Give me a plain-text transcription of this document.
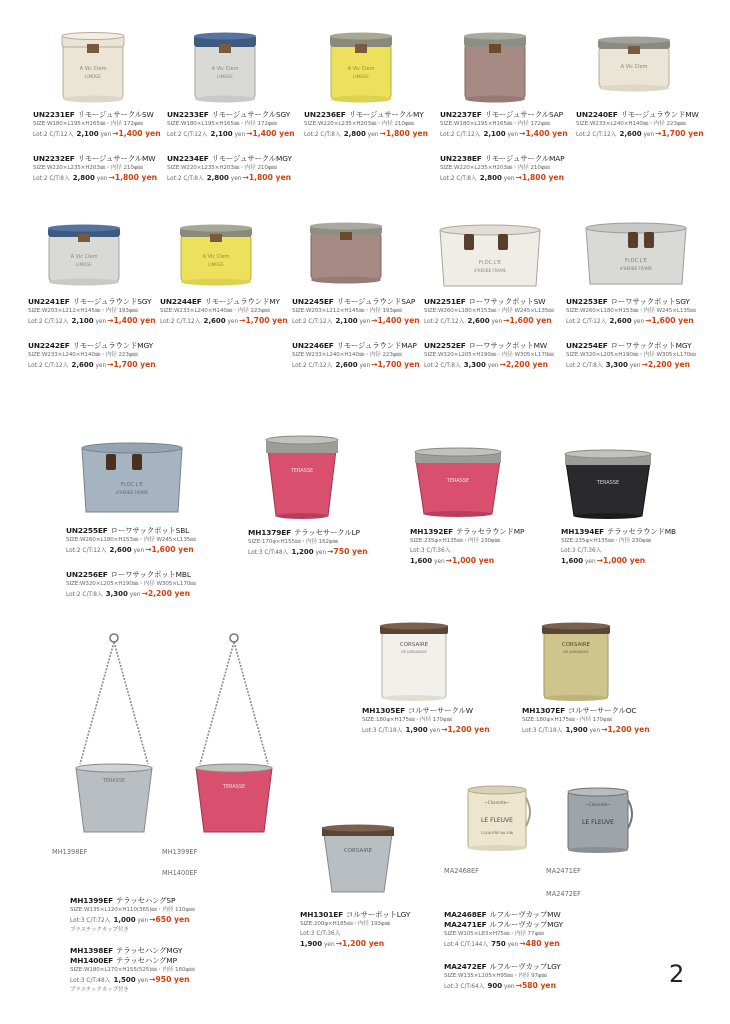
A Vic Clem
LIMOGE
A Vic Clem
LIMOGE
A Vic Clem
LIMOGE
A Vic Clem
A Vic Clem
LIMOGE
A Vic Clem
LIMOGE	Fr.DC.L'E
d'HERBE FRAME
Fr.DC.L'E
d'HERBE FRAME
Fr.DC.L'E
d'HERBE FRAME
TERASSE
TERASSE	TERASSE
TERASSE
TERASSE
CORSAIRE
DE JARDINAGE
CORSAIRE
DE JARDINAGE
CORSAIRE
~Charente~
LE FLEUVE
CLEAUFRE No.198
~Charente~
LE FLEUVE
UN2231EF リモージュサークルSW
SIZE:W180×L195×H165㎜・内径 172φ㎜
Lot:2 C/T:12入 2,100 yen→1,400 yen
UN2232EF リモージュサークルMW
SIZE:W220×L235×H203㎜・内径 210φ㎜
Lot:2 C/T:8入 2,800 yen→1,800 yen
UN2233EF リモージュサークルSGY
SIZE:W180×L195×H165㎜・内径 172φ㎜
Lot:2 C/T:12入 2,100 yen→1,400 yen
UN2234EF リモージュサークルMGY
SIZE:W220×L235×H203㎜・内径 210φ㎜
Lot:2 C/T:8入 2,800 yen→1,800 yen
UN2236EF リモージュサークルMY
SIZE:W220×L235×H203㎜・内径 210φ㎜
Lot:2 C/T:8入 2,800 yen→1,800 yen
UN2237EF リモージュサークルSAP
SIZE:W180×L195×H165㎜・内径 172φ㎜
Lot:2 C/T:12入 2,100 yen→1,400 yen
UN2238EF リモージュサークルMAP
SIZE:W220×L235×H203㎜・内径 210φ㎜
Lot:2 C/T:8入 2,800 yen→1,800 yen
UN2240EF リモージュラウンドMW
SIZE:W233×L240×H140㎜・内径 223φ㎜
Lot:2 C/T:12入 2,600 yen→1,700 yen
UN2241EF リモージュラウンドSGY
SIZE:W203×L212×H145㎜・内径 193φ㎜
Lot:2 C/T:12入 2,100 yen→1,400 yen
UN2242EF リモージュラウンドMGY
SIZE:W233×L240×H140㎜・内径 223φ㎜
Lot:2 C/T:12入 2,600 yen→1,700 yen
UN2244EF リモージュラウンドMY
SIZE:W233×L240×H140㎜・内径 223φ㎜
Lot:2 C/T:12入 2,600 yen→1,700 yen
UN2245EF リモージュラウンドSAP
SIZE:W203×L212×H145㎜・内径 193φ㎜
Lot:2 C/T:12入 2,100 yen→1,400 yen
UN2246EF リモージュラウンドMAP
SIZE:W233×L240×H140㎜・内径 223φ㎜
Lot:2 C/T:12入 2,600 yen→1,700 yen
UN2251EF ローワサックポットSW
SIZE:W260×L180×H153㎜・内径 W245×L135㎜
Lot:2 C/T:12入 2,600 yen→1,600 yen
UN2252EF ローワサックポットMW
SIZE:W320×L205×H190㎜・内径 W305×L170㎜
Lot:2 C/T:8入 3,300 yen→2,200 yen
UN2253EF ローワサックポットSGY
SIZE:W260×L180×H153㎜・内径 W245×L135㎜
Lot:2 C/T:12入 2,600 yen→1,600 yen
UN2254EF ローワサックポットMGY
SIZE:W320×L205×H190㎜・内径 W305×L170㎜
Lot:2 C/T:8入 3,300 yen→2,200 yen
UN2255EF ローワサックポットSBL
SIZE:W260×L180×H153㎜・内径 W245×L135㎜
Lot:2 C/T:12入 2,600 yen→1,600 yen
UN2256EF ローワサックポットMBL
SIZE:W320×L205×H190㎜・内径 W305×L170㎜
Lot:2 C/T:8入 3,300 yen→2,200 yen
MH1379EF テラッセサークルLP
SIZE:170φ×H155㎜・内径 162φ㎜
Lot:3 C/T:48入 1,200 yen→750 yen
MH1392EF テラッセラウンドMP
SIZE:235φ×H135㎜・内径 230φ㎜
Lot:3 C/T:36入
1,600 yen→1,000 yen
MH1394EF テラッセラウンドMB
SIZE:235φ×H135㎜・内径 230φ㎜
Lot:3 C/T:36入
1,600 yen→1,000 yen
MH1305EF コルサーサークルW
SIZE:180φ×H175㎜・内径 170φ㎜
Lot:3 C/T:18入 1,900 yen→1,200 yen
MH1307EF コルサーサークルOC
SIZE:180φ×H175㎜・内径 170φ㎜
Lot:3 C/T:18入 1,900 yen→1,200 yen
MH1398EF	MH1399EF
MH1400EF	MA2468EF	MA2471EF
MA2472EF
MH1399EF テラッセハングSP
SIZE:W135×L120×H110(365)㎜・内径 110φ㎜
Lot:3 C/T:72入 1,000 yen→650 yen
プラスチックカップ付き
MH1398EF テラッセハングMGY
MH1400EF テラッセハングMP
SIZE:W180×L170×H155(525)㎜・内径 160φ㎜
Lot:3 C/T:48入 1,500 yen→950 yen
プラスチックカップ付き
MH1301EF コルサーポットLGY
SIZE:200φ×H185㎜・内径 193φ㎜
Lot:3 C/T:36入
1,900 yen→1,200 yen
MA2468EF ルフルーヴカップMW
MA2471EF ルフルーヴカップMGY
SIZE:W105×L83×H75㎜・内径 77φ㎜
Lot:4 C/T:144入 750 yen→480 yen
MA2472EF ルフルーヴカップLGY
SIZE:W135×L105×H95㎜・内径 97φ㎜
Lot:3 C/T:64入 900 yen→580 yen	2
